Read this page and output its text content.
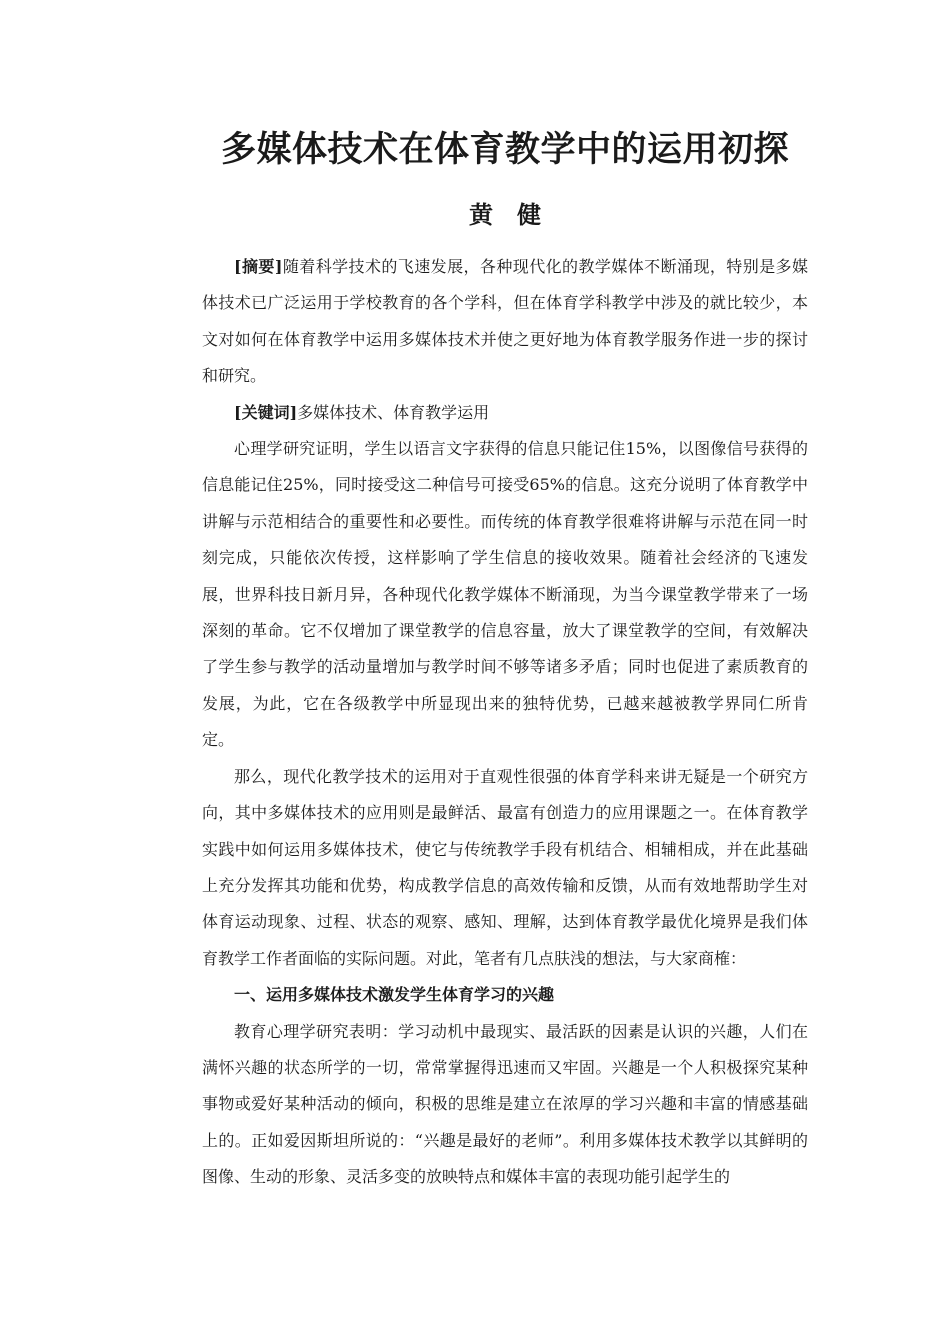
多媒体技术在体育教学中的运用初探
黄　健

[摘要]随着科学技术的飞速发展，各种现代化的教学媒体不断涌现，特别是多媒体技术已广泛运用于学校教育的各个学科，但在体育学科教学中涉及的就比较少，本文对如何在体育教学中运用多媒体技术并使之更好地为体育教学服务作进一步的探讨和研究。

[关键词]多媒体技术、体育教学运用

心理学研究证明，学生以语言文字获得的信息只能记住15%，以图像信号获得的信息能记住25%，同时接受这二种信号可接受65%的信息。这充分说明了体育教学中讲解与示范相结合的重要性和必要性。而传统的体育教学很难将讲解与示范在同一时刻完成，只能依次传授，这样影响了学生信息的接收效果。随着社会经济的飞速发展，世界科技日新月异，各种现代化教学媒体不断涌现，为当今课堂教学带来了一场深刻的革命。它不仅增加了课堂教学的信息容量，放大了课堂教学的空间，有效解决了学生参与教学的活动量增加与教学时间不够等诸多矛盾；同时也促进了素质教育的发展，为此，它在各级教学中所显现出来的独特优势，已越来越被教学界同仁所肯定。

那么，现代化教学技术的运用对于直观性很强的体育学科来讲无疑是一个研究方向，其中多媒体技术的应用则是最鲜活、最富有创造力的应用课题之一。在体育教学实践中如何运用多媒体技术，使它与传统教学手段有机结合、相辅相成，并在此基础上充分发挥其功能和优势，构成教学信息的高效传输和反馈，从而有效地帮助学生对体育运动现象、过程、状态的观察、感知、理解，达到体育教学最优化境界是我们体育教学工作者面临的实际问题。对此，笔者有几点肤浅的想法，与大家商榷：

一、运用多媒体技术激发学生体育学习的兴趣

教育心理学研究表明：学习动机中最现实、最活跃的因素是认识的兴趣，人们在满怀兴趣的状态所学的一切，常常掌握得迅速而又牢固。兴趣是一个人积极探究某种事物或爱好某种活动的倾向，积极的思维是建立在浓厚的学习兴趣和丰富的情感基础上的。正如爱因斯坦所说的：“兴趣是最好的老师”。利用多媒体技术教学以其鲜明的图像、生动的形象、灵活多变的放映特点和媒体丰富的表现功能引起学生的
